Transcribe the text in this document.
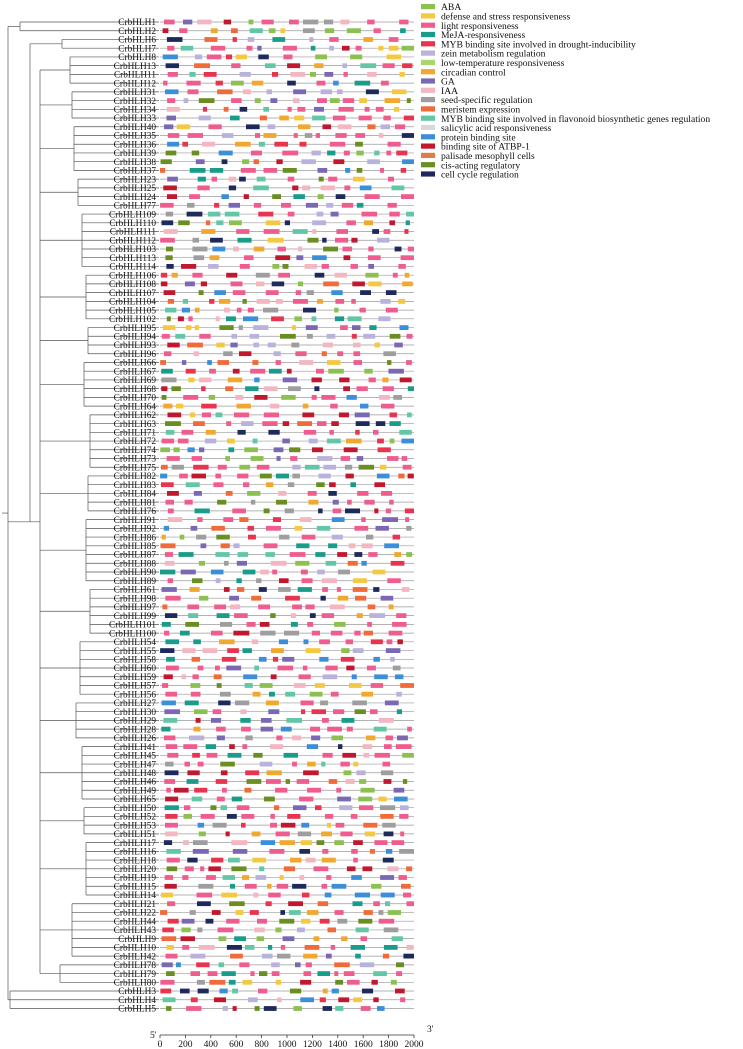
CrbHLH1
CrbHLH2
CrbHLH6
CrbHLH7
CrbHLH8
CrbHLH13
CrbHLH11
CrbHLH12
CrbHLH31
CrbHLH32
CrbHLH34
CrbHLH33
CrbHLH40
CrbHLH35
CrbHLH36
CrbHLH39
CrbHLH38
CrbHLH37
CrbHLH23
CrbHLH25
CrbHLH24
CrbHLH77
CrbHLH109
CrbHLH110
CrbHLH111
CrbHLH112
CrbHLH103
CrbHLH113
CrbHLH114
CrbHLH106
CrbHLH108
CrbHLH107
CrbHLH104
CrbHLH105
CrbHLH102
CrbHLH95
CrbHLH94
CrbHLH93
CrbHLH96
CrbHLH66
CrbHLH67
CrbHLH69
CrbHLH68
CrbHLH70
CrbHLH64
CrbHLH62
CrbHLH63
CrbHLH71
CrbHLH72
CrbHLH74
CrbHLH73
CrbHLH75
CrbHLH82
CrbHLH83
CrbHLH84
CrbHLH81
CrbHLH76
CrbHLH91
CrbHLH92
CrbHLH86
CrbHLH85
CrbHLH87
CrbHLH88
CrbHLH90
CrbHLH89
CrbHLH61
CrbHLH98
CrbHLH97
CrbHLH99
CrbHLH101
CrbHLH100
CrbHLH54
CrbHLH55
CrbHLH58
CrbHLH60
CrbHLH59
CrbHLH57
CrbHLH56
CrbHLH27
CrbHLH30
CrbHLH29
CrbHLH28
CrbHLH26
CrbHLH41
CrbHLH45
CrbHLH47
CrbHLH48
CrbHLH46
CrbHLH49
CrbHLH65
CrbHLH50
CrbHLH52
CrbHLH53
CrbHLH51
CrbHLH17
CrbHLH16
CrbHLH18
CrbHLH20
CrbHLH19
CrbHLH15
CrbHLH14
CrbHLH21
CrbHLH22
CrbHLH44
CrbHLH43
CrbHLH9
CrbHLH10
CrbHLH42
CrbHLH78
CrbHLH79
CrbHLH80
CrbHLH3
CrbHLH4
CrbHLH5
ABA
defense and stress responsiveness
light responsiveness
MeJA-responsiveness
MYB binding site involved in drought-inducibility
zein metabolism regulation
low-temperature responsiveness
circadian control
GA
IAA
seed-specific regulation
meristem expression
MYB binding site involved in flavonoid biosynthetic genes regulation
salicylic acid responsiveness
protein binding site
binding site of ATBP-1
palisade mesophyll cells
cis-acting regulatory
cell cycle regulation
0 200 400 600 800 1000 1200 1400 1600 1800 2000
5'
3'
